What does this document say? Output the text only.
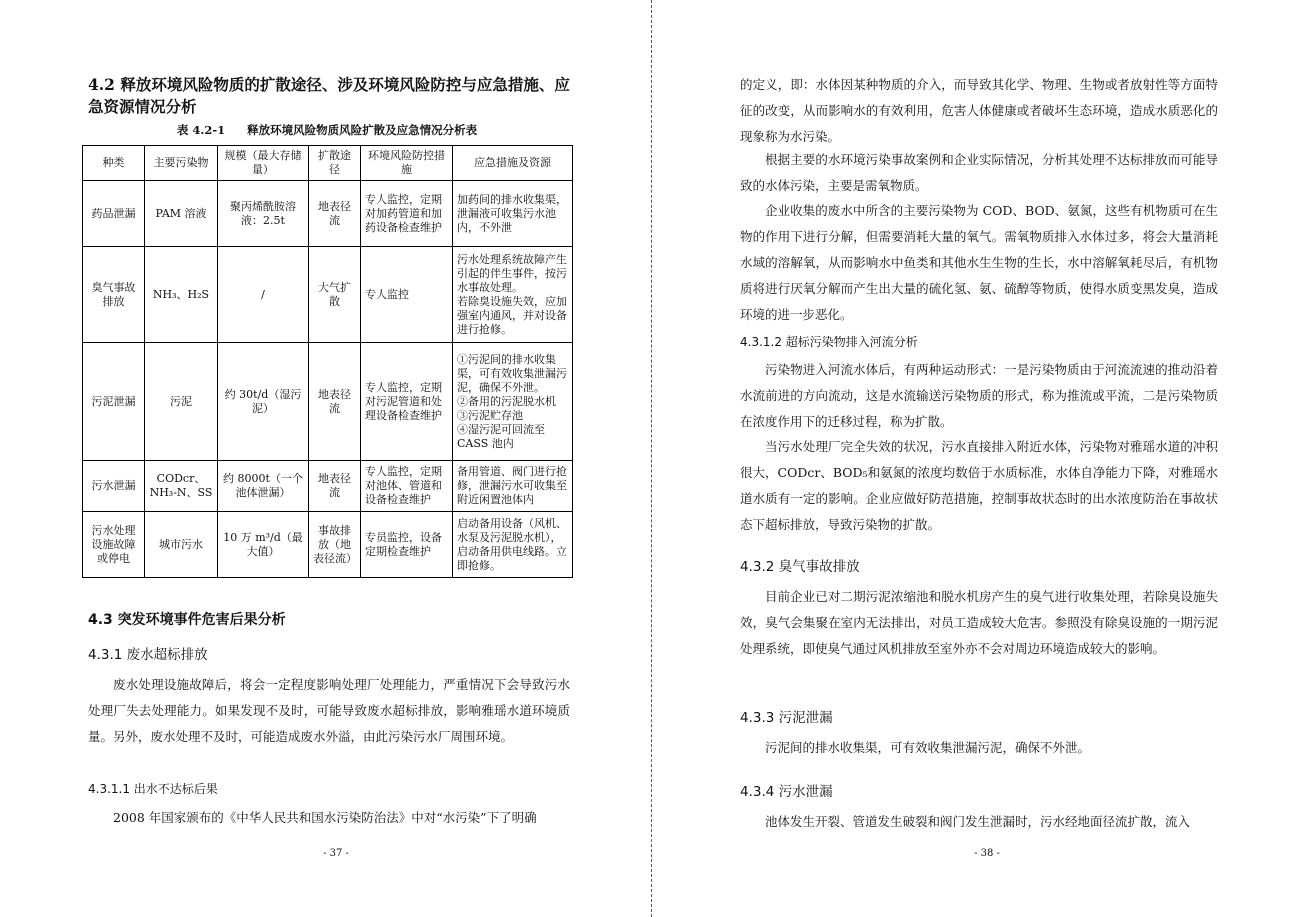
4.2 释放环境风险物质的扩散途径、涉及环境风险防控与应急措施、应急资源情况分析
表 4.2-1 释放环境风险物质风险扩散及应急情况分析表
种类	主要污染物	规模（最大存储量）	扩散途径	环境风险防控措施	应急措施及资源
药品泄漏	PAM 溶液	聚丙烯酰胺溶液：2.5t	地表径流	专人监控，定期对加药管道和加药设备检查维护	加药间的排水收集渠，泄漏液可收集污水池内，不外泄

臭气事故排放	NH₃、H₂S	/	大气扩散	专人监控	污水处理系统故障产生引起的伴生事件，按污水事故处理。
若除臭设施失效，应加强室内通风，并对设备进行抢修。

污泥泄漏	污泥	约 30t/d（湿污泥）	地表径流	专人监控，定期对污泥管道和处理设备检查维护	①污泥间的排水收集渠，可有效收集泄漏污泥，确保不外泄。
②备用的污泥脱水机
③污泥贮存池
④湿污泥可回流至CASS 池内

污水泄漏	CODcr、NH₃-N、SS	约 8000t（一个池体泄漏）	地表径流	专人监控，定期对池体、管道和设备检查维护	备用管道、阀门进行抢修，泄漏污水可收集至附近闲置池体内

污水处理设施故障或停电	城市污水	10 万 m³/d（最大值）	事故排放（地表径流）	专员监控，设备定期检查维护	启动备用设备（风机、水泵及污泥脱水机），启动备用供电线路。立即抢修。
4.3 突发环境事件危害后果分析
4.3.1 废水超标排放
废水处理设施故障后，将会一定程度影响处理厂处理能力，严重情况下会导致污水处理厂失去处理能力。如果发现不及时，可能导致废水超标排放，影响雅瑶水道环境质量。另外，废水处理不及时，可能造成废水外溢，由此污染污水厂周围环境。
4.3.1.1 出水不达标后果
2008 年国家颁布的《中华人民共和国水污染防治法》中对“水污染”下了明确
- 37 -
的定义，即：水体因某种物质的介入，而导致其化学、物理、生物或者放射性等方面特征的改变，从而影响水的有效利用，危害人体健康或者破坏生态环境，造成水质恶化的现象称为水污染。
根据主要的水环境污染事故案例和企业实际情况，分析其处理不达标排放而可能导致的水体污染，主要是需氧物质。
企业收集的废水中所含的主要污染物为 COD、BOD、氨氮，这些有机物质可在生物的作用下进行分解，但需要消耗大量的氧气。需氧物质排入水体过多，将会大量消耗水域的溶解氧，从而影响水中鱼类和其他水生生物的生长，水中溶解氧耗尽后，有机物质将进行厌氧分解而产生出大量的硫化氢、氨、硫醇等物质，使得水质变黑发臭，造成环境的进一步恶化。
4.3.1.2 超标污染物排入河流分析
污染物进入河流水体后，有两种运动形式：一是污染物质由于河流流速的推动沿着水流前进的方向流动，这是水流输送污染物质的形式，称为推流或平流，二是污染物质在浓度作用下的迁移过程，称为扩散。
当污水处理厂完全失效的状况，污水直接排入附近水体，污染物对雅瑶水道的冲积很大，CODcr、BOD₅和氨氮的浓度均数倍于水质标准，水体自净能力下降，对雅瑶水道水质有一定的影响。企业应做好防范措施，控制事故状态时的出水浓度防治在事故状态下超标排放，导致污染物的扩散。
4.3.2 臭气事故排放
目前企业已对二期污泥浓缩池和脱水机房产生的臭气进行收集处理，若除臭设施失效，臭气会集聚在室内无法排出，对员工造成较大危害。参照没有除臭设施的一期污泥处理系统，即使臭气通过风机排放至室外亦不会对周边环境造成较大的影响。
4.3.3 污泥泄漏
污泥间的排水收集渠，可有效收集泄漏污泥，确保不外泄。
4.3.4 污水泄漏
池体发生开裂、管道发生破裂和阀门发生泄漏时，污水经地面径流扩散，流入
- 38 -
